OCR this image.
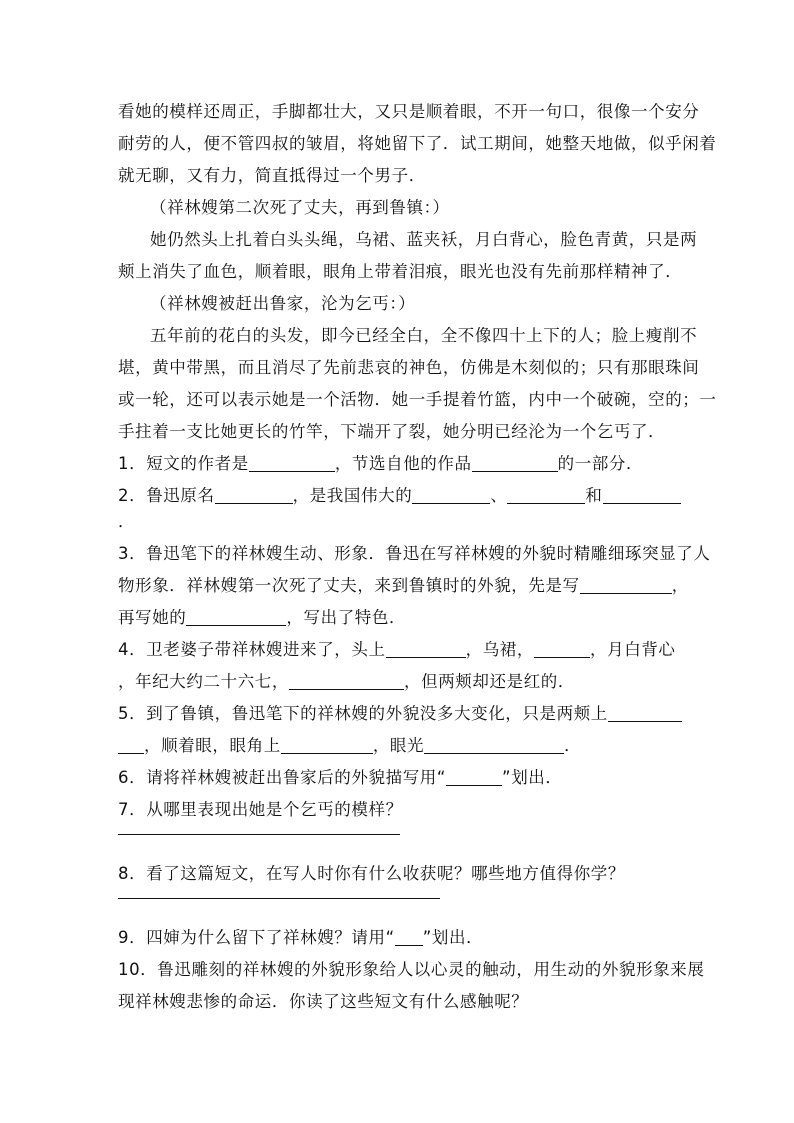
看她的模样还周正，手脚都壮大，又只是顺着眼，不开一句口，很像一个安分
耐劳的人，便不管四叔的皱眉，将她留下了．试工期间，她整天地做，似乎闲着
就无聊，又有力，简直抵得过一个男子．
（祥林嫂第二次死了丈夫，再到鲁镇：）
她仍然头上扎着白头头绳，乌裙、蓝夹袄，月白背心，脸色青黄，只是两
颊上消失了血色，顺着眼，眼角上带着泪痕，眼光也没有先前那样精神了．
（祥林嫂被赶出鲁家，沦为乞丐：）
五年前的花白的头发，即今已经全白，全不像四十上下的人；脸上瘦削不
堪，黄中带黑，而且消尽了先前悲哀的神色，仿佛是木刻似的；只有那眼珠间
或一轮，还可以表示她是一个活物．她一手提着竹篮，内中一个破碗，空的；一
手拄着一支比她更长的竹竿，下端开了裂，她分明已经沦为一个乞丐了．
1．短文的作者是	，节选自他的作品	的一部分．
2．鲁迅原名	，是我国伟大的	、	和
．
3．鲁迅笔下的祥林嫂生动、形象．鲁迅在写祥林嫂的外貌时精雕细琢突显了人
物形象．祥林嫂第一次死了丈夫，来到鲁镇时的外貌，先是写	，
再写她的	，写出了特色．
4．卫老婆子带祥林嫂进来了，头上	，乌裙，	，月白背心
，年纪大约二十六七，	，但两颊却还是红的．
5．到了鲁镇，鲁迅笔下的祥林嫂的外貌没多大变化，只是两颊上
，顺着眼，眼角上	，眼光	．
6．请将祥林嫂被赶出鲁家后的外貌描写用“	”划出．
7．从哪里表现出她是个乞丐的模样？
8．看了这篇短文，在写人时你有什么收获呢？哪些地方值得你学？
9．四婶为什么留下了祥林嫂？请用“ ”划出．
10．鲁迅雕刻的祥林嫂的外貌形象给人以心灵的触动，用生动的外貌形象来展
现祥林嫂悲惨的命运．你读了这些短文有什么感触呢？
